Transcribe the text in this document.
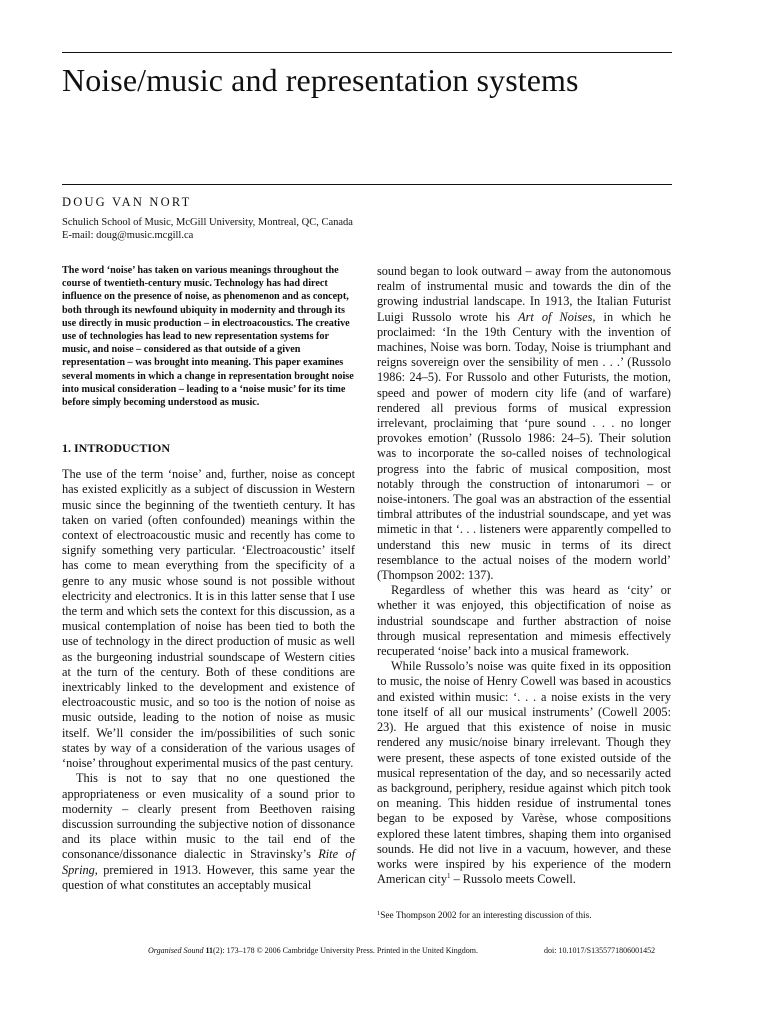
Noise/music and representation systems

DOUG VAN NORT

Schulich School of Music, McGill University, Montreal, QC, Canada
E-mail: doug@music.mcgill.ca

The word ‘noise’ has taken on various meanings throughout the course of twentieth-century music. Technology has had direct influence on the presence of noise, as phenomenon and as concept, both through its newfound ubiquity in modernity and through its use directly in music production – in electroacoustics. The creative use of technologies has lead to new representation systems for music, and noise – considered as that outside of a given representation – was brought into meaning. This paper examines several moments in which a change in representation brought noise into musical consideration – leading to a ‘noise music’ for its time before simply becoming understood as music.

1. INTRODUCTION

The use of the term ‘noise’ and, further, noise as concept has existed explicitly as a subject of discussion in Western music since the beginning of the twentieth century. It has taken on varied (often confounded) meanings within the context of electroacoustic music and recently has come to signify something very particular. ‘Electroacoustic’ itself has come to mean everything from the specificity of a genre to any music whose sound is not possible without electricity and electronics. It is in this latter sense that I use the term and which sets the context for this discussion, as a musical contemplation of noise has been tied to both the use of technology in the direct production of music as well as the burgeoning industrial soundscape of Western cities at the turn of the century. Both of these conditions are inextricably linked to the development and existence of electroacoustic music, and so too is the notion of noise as music outside, leading to the notion of noise as music itself. We’ll consider the im/possibilities of such sonic states by way of a consideration of the various usages of ‘noise’ throughout experimental musics of the past century.

This is not to say that no one questioned the appropriateness or even musicality of a sound prior to modernity – clearly present from Beethoven raising discussion surrounding the subjective notion of dissonance and its place within music to the tail end of the consonance/dissonance dialectic in Stravinsky’s Rite of Spring, premiered in 1913. However, this same year the question of what constitutes an acceptably musical

sound began to look outward – away from the autonomous realm of instrumental music and towards the din of the growing industrial landscape. In 1913, the Italian Futurist Luigi Russolo wrote his Art of Noises, in which he proclaimed: ‘In the 19th Century with the invention of machines, Noise was born. Today, Noise is triumphant and reigns sovereign over the sensibility of men . . .’ (Russolo 1986: 24–5). For Russolo and other Futurists, the motion, speed and power of modern city life (and of warfare) rendered all previous forms of musical expression irrelevant, proclaiming that ‘pure sound . . . no longer provokes emotion’ (Russolo 1986: 24–5). Their solution was to incorporate the so-called noises of technological progress into the fabric of musical composition, most notably through the construction of intonarumori – or noise-intoners. The goal was an abstraction of the essential timbral attributes of the industrial soundscape, and yet was mimetic in that ‘. . . listeners were apparently compelled to understand this new music in terms of its direct resemblance to the actual noises of the modern world’ (Thompson 2002: 137).

Regardless of whether this was heard as ‘city’ or whether it was enjoyed, this objectification of noise as industrial soundscape and further abstraction of noise through musical representation and mimesis effectively recuperated ‘noise’ back into a musical framework.

While Russolo’s noise was quite fixed in its opposition to music, the noise of Henry Cowell was based in acoustics and existed within music: ‘. . . a noise exists in the very tone itself of all our musical instruments’ (Cowell 2005: 23). He argued that this existence of noise in music rendered any music/noise binary irrelevant. Though they were present, these aspects of tone existed outside of the musical representation of the day, and so necessarily acted as background, periphery, residue against which pitch took on meaning. This hidden residue of instrumental tones began to be exposed by Varèse, whose compositions explored these latent timbres, shaping them into organised sounds. He did not live in a vacuum, however, and these works were inspired by his experience of the modern American city$^1$ – Russolo meets Cowell.

$^1$See Thompson 2002 for an interesting discussion of this.
Organised Sound 11(2): 173–178 © 2006 Cambridge University Press. Printed in the United Kingdom.	doi: 10.1017/S1355771806001452
